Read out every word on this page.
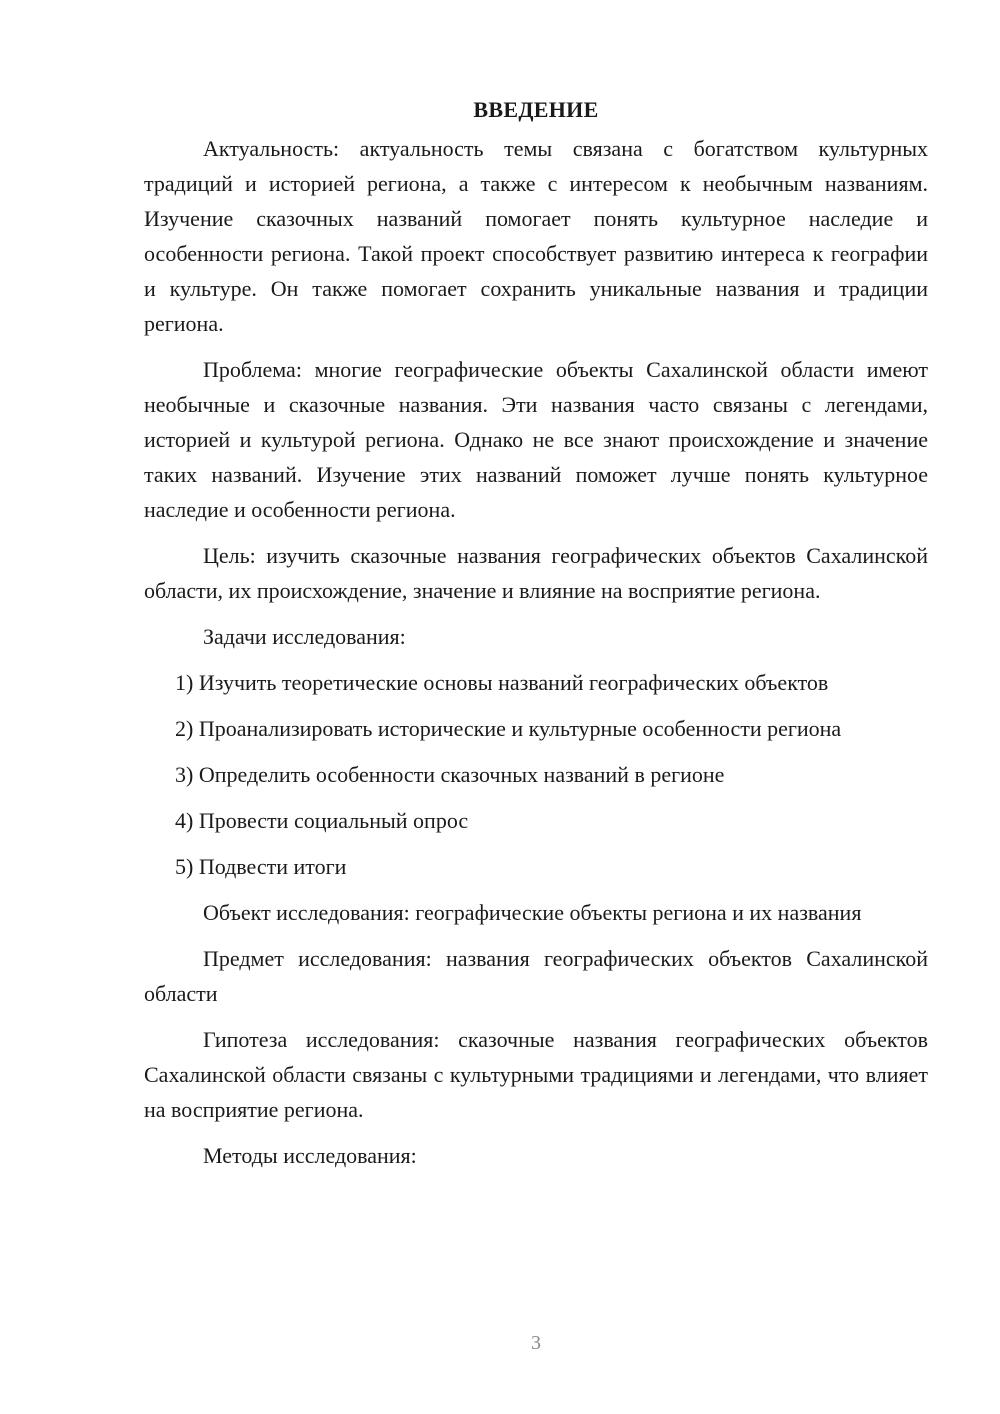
ВВЕДЕНИЕ

Актуальность: актуальность темы связана с богатством культурных традиций и историей региона, а также с интересом к необычным названиям. Изучение сказочных названий помогает понять культурное наследие и особенности региона. Такой проект способствует развитию интереса к географии и культуре. Он также помогает сохранить уникальные названия и традиции региона.

Проблема: многие географические объекты Сахалинской области имеют необычные и сказочные названия. Эти названия часто связаны с легендами, историей и культурой региона. Однако не все знают происхождение и значение таких названий. Изучение этих названий поможет лучше понять культурное наследие и особенности региона.

Цель: изучить сказочные названия географических объектов Сахалинской области, их происхождение, значение и влияние на восприятие региона.

Задачи исследования:

1) Изучить теоретические основы названий географических объектов

2) Проанализировать исторические и культурные особенности региона

3) Определить особенности сказочных названий в регионе

4) Провести социальный опрос

5) Подвести итоги

Объект исследования: географические объекты региона и их названия

Предмет исследования: названия географических объектов Сахалинской области

Гипотеза исследования: сказочные названия географических объектов Сахалинской области связаны с культурными традициями и легендами, что влияет на восприятие региона.

Методы исследования:

3
